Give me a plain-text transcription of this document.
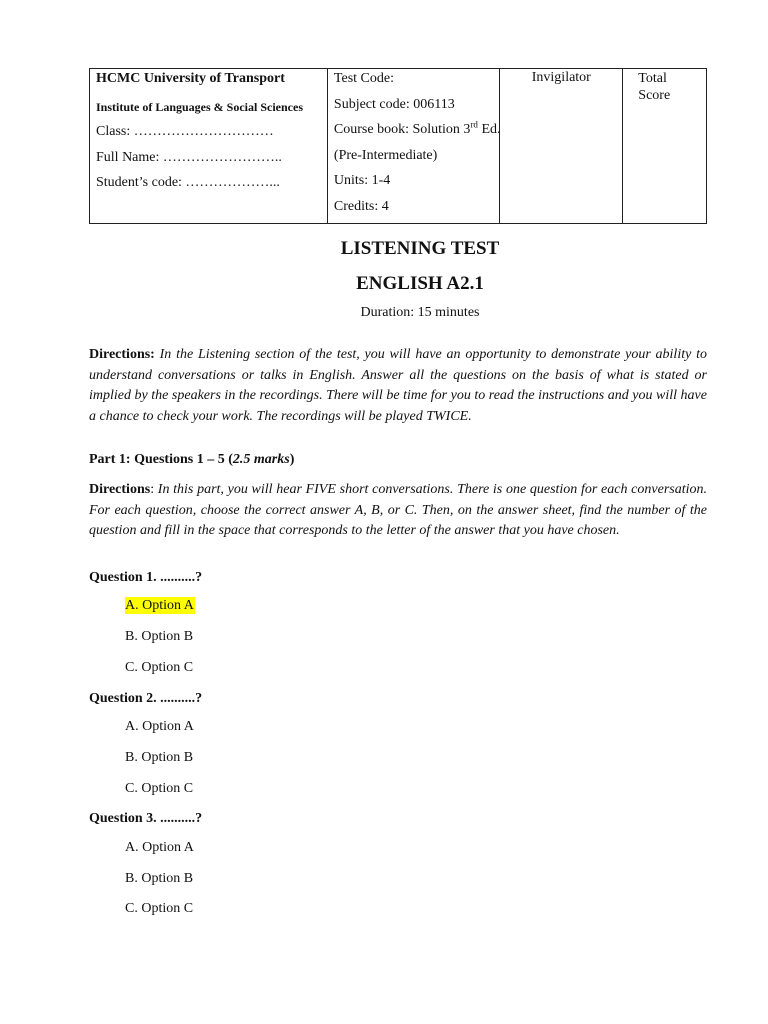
HCMC University of Transport
Institute of Languages & Social Sciences
Class: …………………………
Full Name: ……………………..
Student’s code: ………………...

Test Code:
Subject code: 006113
Course book: Solution 3rd Ed.
(Pre-Intermediate)
Units: 1-4
Credits: 4

Invigilator	Total
Score
LISTENING TEST
ENGLISH A2.1
Duration: 15 minutes
Directions: In the Listening section of the test, you will have an opportunity to demonstrate your ability to understand conversations or talks in English. Answer all the questions on the basis of what is stated or implied by the speakers in the recordings. There will be time for you to read the instructions and you will have a chance to check your work. The recordings will be played TWICE.
Part 1: Questions 1 – 5 (2.5 marks)
Directions: In this part, you will hear FIVE short conversations. There is one question for each conversation. For each question, choose the correct answer A, B, or C. Then, on the answer sheet, find the number of the question and fill in the space that corresponds to the letter of the answer that you have chosen.
Question 1. ..........?
A. Option A
B. Option B
C. Option C
Question 2. ..........?
A. Option A
B. Option B
C. Option C
Question 3. ..........?
A. Option A
B. Option B
C. Option C
